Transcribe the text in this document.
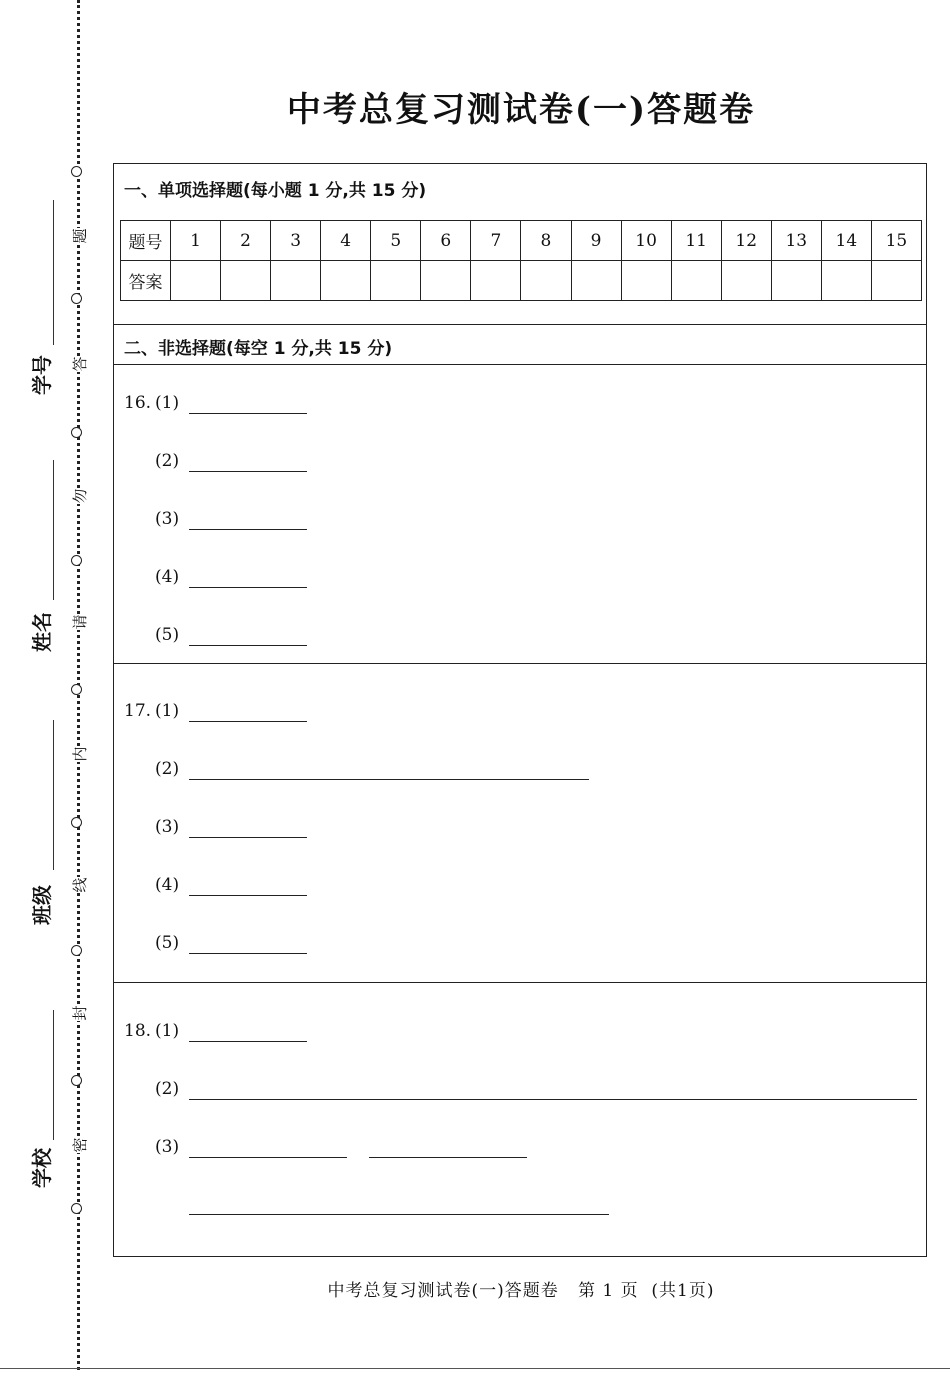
题
答
勿
请
内
线
封
密
学号
姓名
班级
学校
中考总复习测试卷(一)答题卷
一、单项选择题(每小题 1 分,共 15 分)
题号	1	2	3	4	5	6	7	8	9	10	11	12	13	14	15
答案															
二、非选择题(每空 1 分,共 15 分)
16. (1)
(2)
(3)
(4)
(5)
17. (1)
(2)
(3)
(4)
(5)
18. (1)
(2)
(3)
中考总复习测试卷(一)答题卷   第 1 页  (共1页)
